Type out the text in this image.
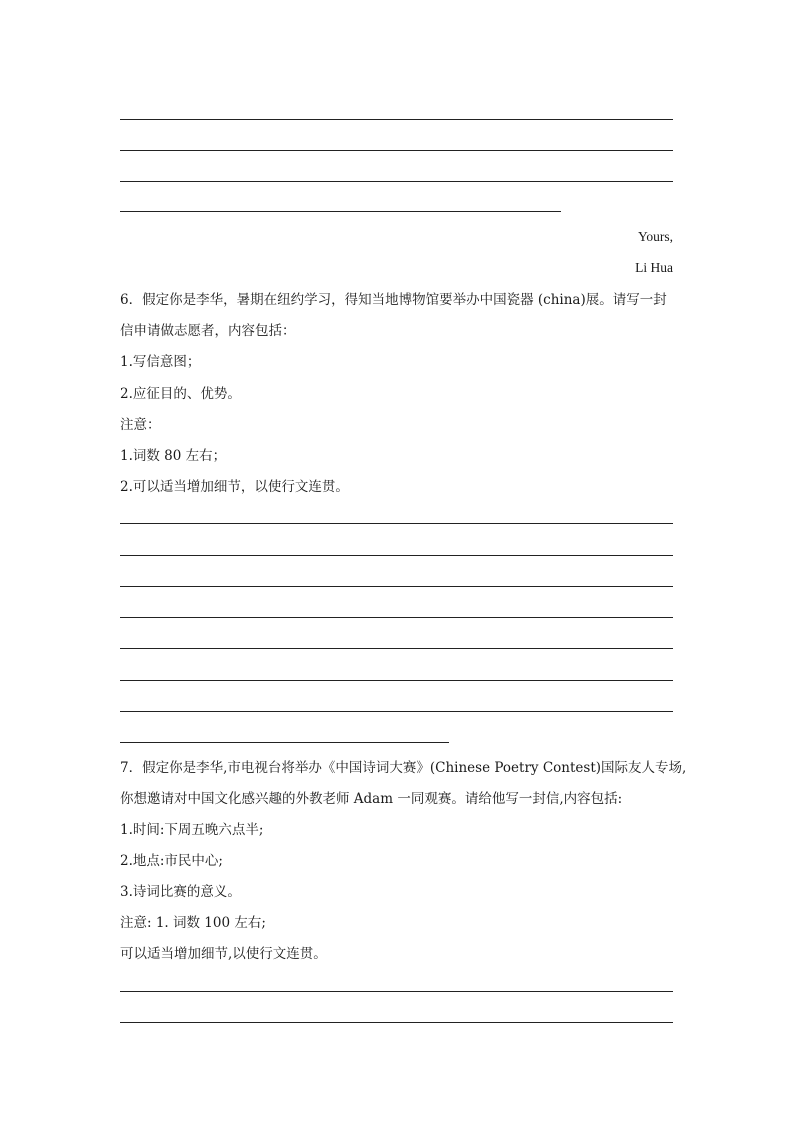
Yours,
Li Hua
6．假定你是李华，暑期在纽约学习，得知当地博物馆要举办中国瓷器 (china)展。请写一封
信申请做志愿者，内容包括：
1.写信意图；
2.应征目的、优势。
注意：
1.词数 80 左右；
2.可以适当增加细节，以使行文连贯。
7．假定你是李华,市电视台将举办《中国诗词大赛》(Chinese Poetry Contest)国际友人专场,
你想邀请对中国文化感兴趣的外教老师 Adam 一同观赛。请给他写一封信,内容包括:
1.时间:下周五晚六点半;
2.地点:市民中心;
3.诗词比赛的意义。
注意: 1. 词数 100 左右;
可以适当增加细节,以使行文连贯。
